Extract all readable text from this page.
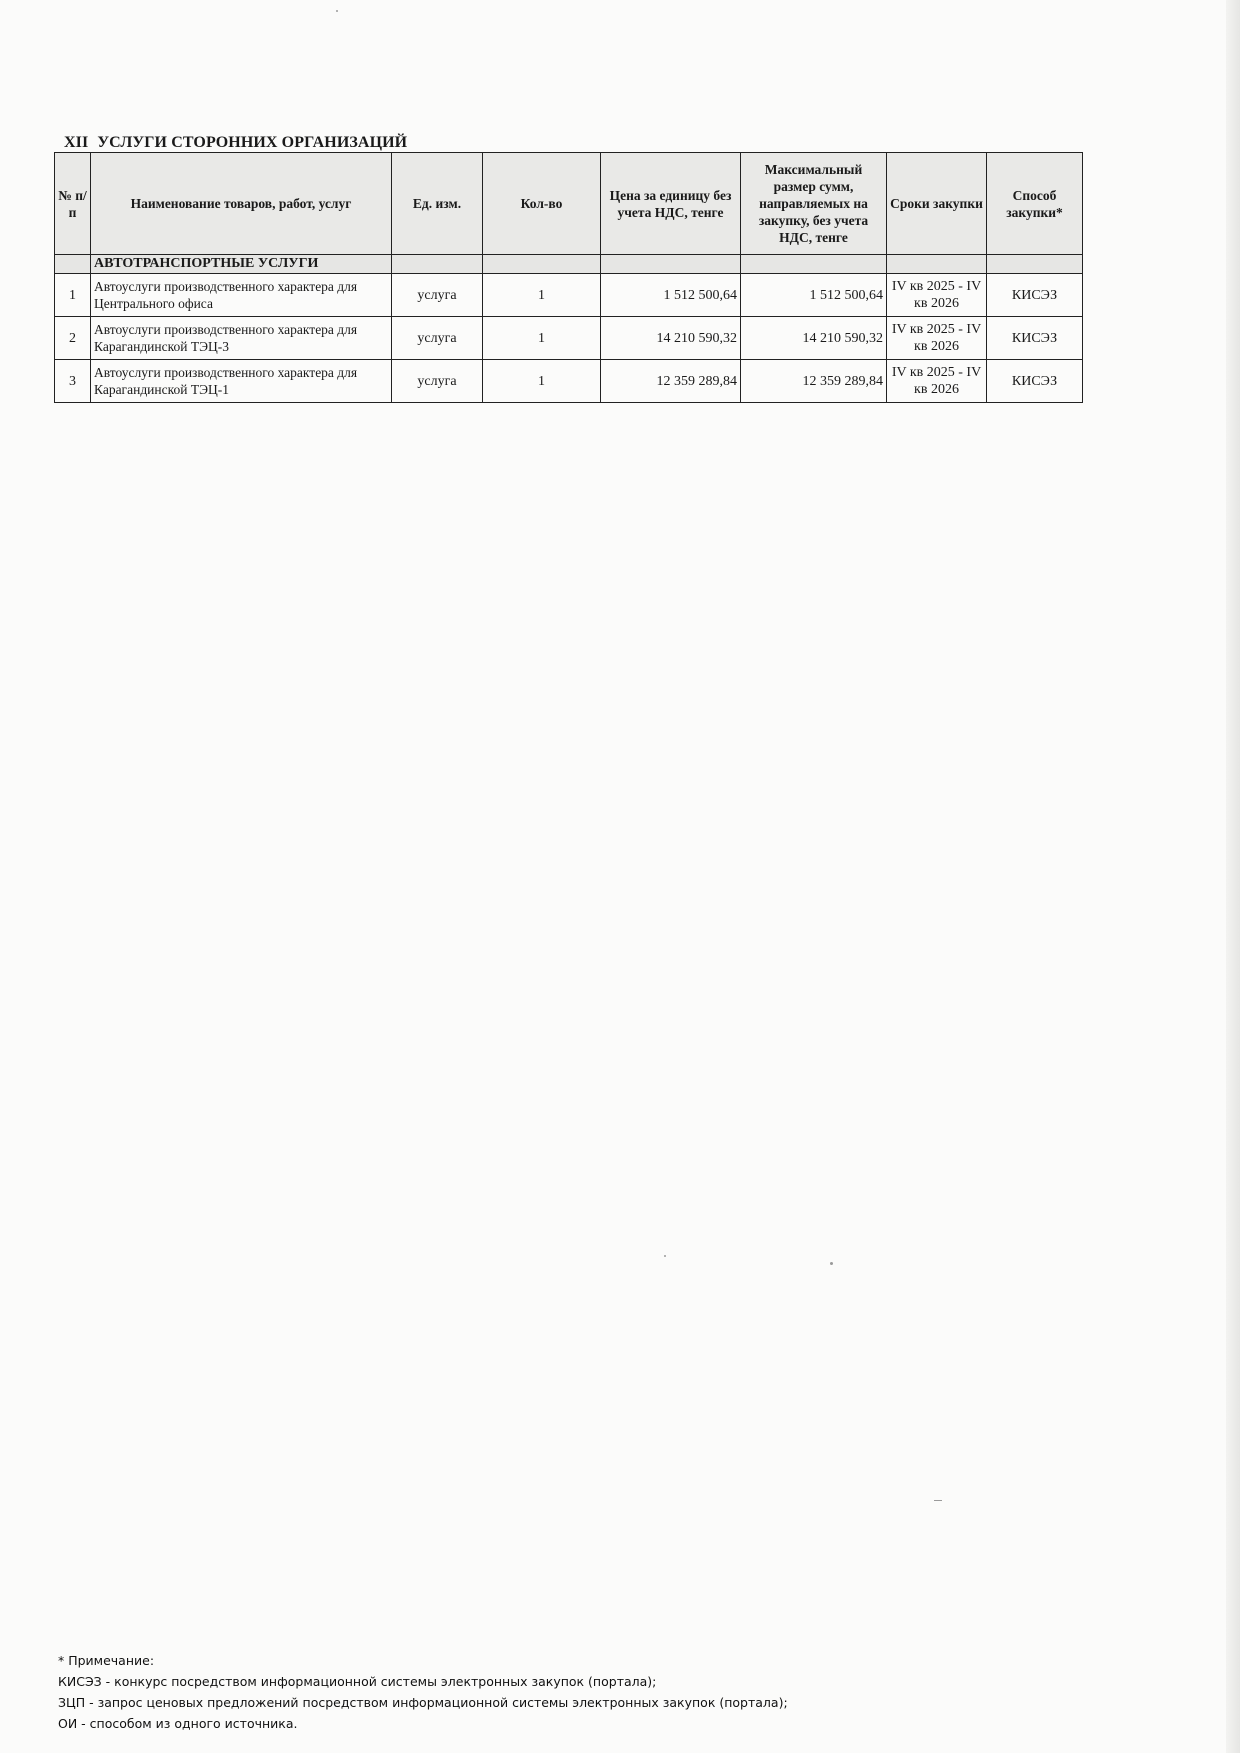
XII УСЛУГИ СТОРОННИХ ОРГАНИЗАЦИЙ
№ п/п	Наименование товаров, работ, услуг	Ед. изм.	Кол-во	Цена за единицу без учета НДС, тенге	Максимальный размер сумм, направляемых на закупку, без учета НДС, тенге	Сроки закупки	Способ закупки*
	АВТОТРАНСПОРТНЫЕ УСЛУГИ						
1	Автоуслуги производственного характера для Центрального офиса	услуга	1	1 512 500,64	1 512 500,64	IV кв 2025 - IV кв 2026	КИСЭЗ
2	Автоуслуги производственного характера для Карагандинской ТЭЦ-3	услуга	1	14 210 590,32	14 210 590,32	IV кв 2025 - IV кв 2026	КИСЭЗ
3	Автоуслуги производственного характера для Карагандинской ТЭЦ-1	услуга	1	12 359 289,84	12 359 289,84	IV кв 2025 - IV кв 2026	КИСЭЗ
* Примечание:
КИСЭЗ - конкурс посредством информационной системы электронных закупок (портала);
ЗЦП - запрос ценовых предложений посредством информационной системы электронных закупок (портала);
ОИ - способом из одного источника.
